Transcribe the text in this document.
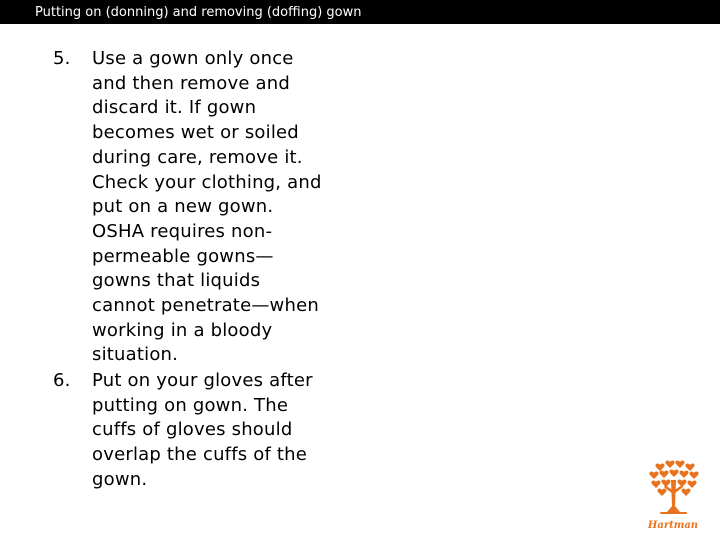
Putting on (donning) and removing (doffing) gown
5. Use a gown only once
and then remove and
discard it. If gown
becomes wet or soiled
during care, remove it.
Check your clothing, and
put on a new gown.
OSHA requires non-
permeable gowns—
gowns that liquids
cannot penetrate—when
working in a bloody
situation.
6. Put on your gloves after
putting on gown. The
cuffs of gloves should
overlap the cuffs of the
gown.
Hartman
